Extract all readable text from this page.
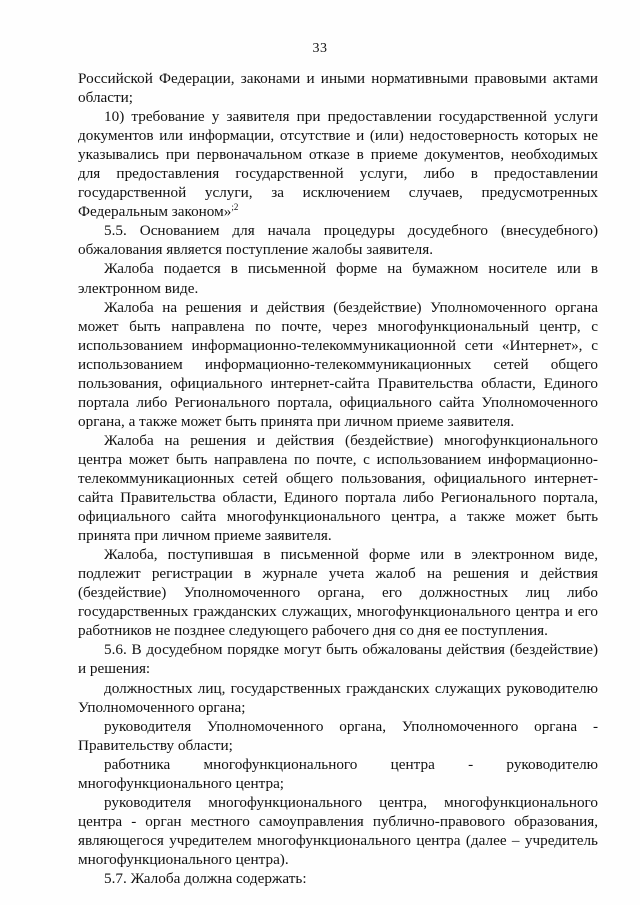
33

Российской Федерации, законами и иными нормативными правовыми актами области;

10) требование у заявителя при предоставлении государственной услуги документов или информации, отсутствие и (или) недостоверность которых не указывались при первоначальном отказе в приеме документов, необходимых для предоставления государственной услуги, либо в предоставлении государственной услуги, за исключением случаев, предусмотренных Федеральным законом»$^{;2}$

5.5. Основанием для начала процедуры досудебного (внесудебного) обжалования является поступление жалобы заявителя.

Жалоба подается в письменной форме на бумажном носителе или в электронном виде.

Жалоба на решения и действия (бездействие) Уполномоченного органа может быть направлена по почте, через многофункциональный центр, с использованием информационно-телекоммуникационной сети «Интернет», с использованием информационно-телекоммуникационных сетей общего пользования, официального интернет-сайта Правительства области, Единого портала либо Регионального портала, официального сайта Уполномоченного органа, а также может быть принята при личном приеме заявителя.

Жалоба на решения и действия (бездействие) многофункционального центра может быть направлена по почте, с использованием информационно-телекоммуникационных сетей общего пользования, официального интернет-сайта Правительства области, Единого портала либо Регионального портала, официального сайта многофункционального центра, а также может быть принята при личном приеме заявителя.

Жалоба, поступившая в письменной форме или в электронном виде, подлежит регистрации в журнале учета жалоб на решения и действия (бездействие) Уполномоченного органа, его должностных лиц либо государственных гражданских служащих, многофункционального центра и его работников не позднее следующего рабочего дня со дня ее поступления.

5.6. В досудебном порядке могут быть обжалованы действия (бездействие) и решения:

должностных лиц, государственных гражданских служащих руководителю Уполномоченного органа;

руководителя Уполномоченного органа, Уполномоченного органа - Правительству области;

работника многофункционального центра - руководителю многофункционального центра;

руководителя многофункционального центра, многофункционального центра - орган местного самоуправления публично-правового образования, являющегося учредителем многофункционального центра (далее – учредитель многофункционального центра).

5.7. Жалоба должна содержать:
